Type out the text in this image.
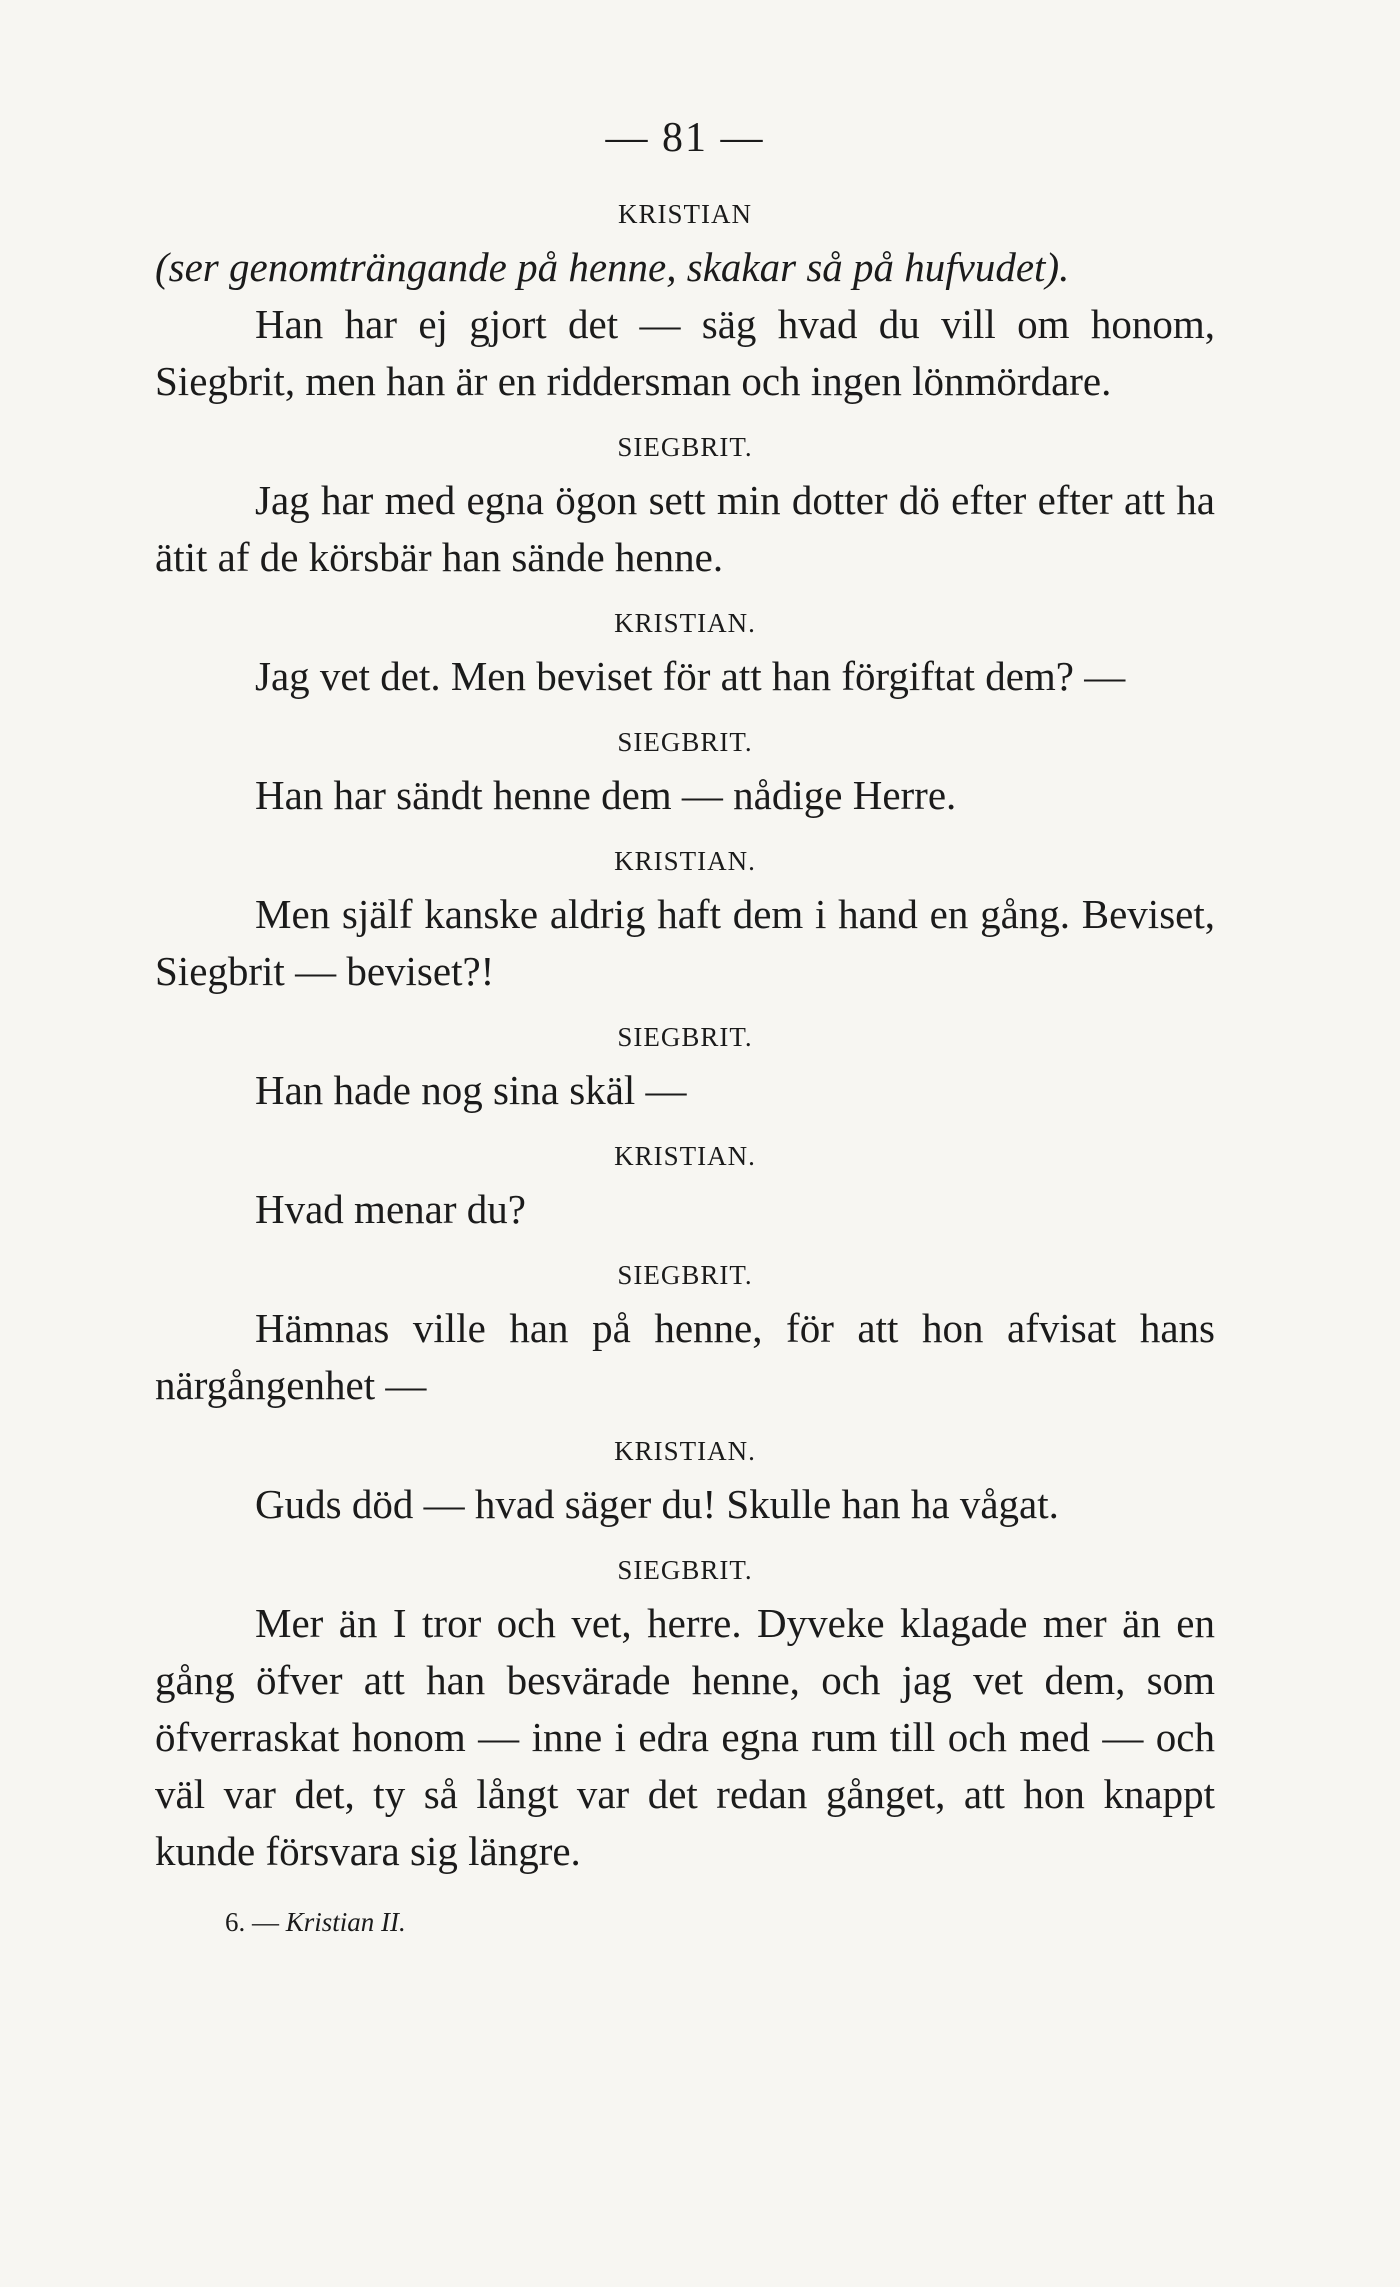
— 81 —
KRISTIAN
(ser genomträngande på henne, skakar så på hufvudet).

Han har ej gjort det — säg hvad du vill om honom, Siegbrit, men han är en riddersman och ingen lönmördare.

SIEGBRIT.

Jag har med egna ögon sett min dotter dö efter efter att ha ätit af de körsbär han sände henne.

KRISTIAN.

Jag vet det. Men beviset för att han förgiftat dem? —

SIEGBRIT.

Han har sändt henne dem — nådige Herre.

KRISTIAN.

Men själf kanske aldrig haft dem i hand en gång. Beviset, Siegbrit — beviset?!

SIEGBRIT.

Han hade nog sina skäl —

KRISTIAN.

Hvad menar du?

SIEGBRIT.

Hämnas ville han på henne, för att hon afvisat hans närgångenhet —

KRISTIAN.

Guds död — hvad säger du! Skulle han ha vågat.

SIEGBRIT.

Mer än I tror och vet, herre. Dyveke klagade mer än en gång öfver att han besvärade henne, och jag vet dem, som öfverraskat honom — inne i edra egna rum till och med — och väl var det, ty så långt var det redan gånget, att hon knappt kunde försvara sig längre.

6. — Kristian II.
